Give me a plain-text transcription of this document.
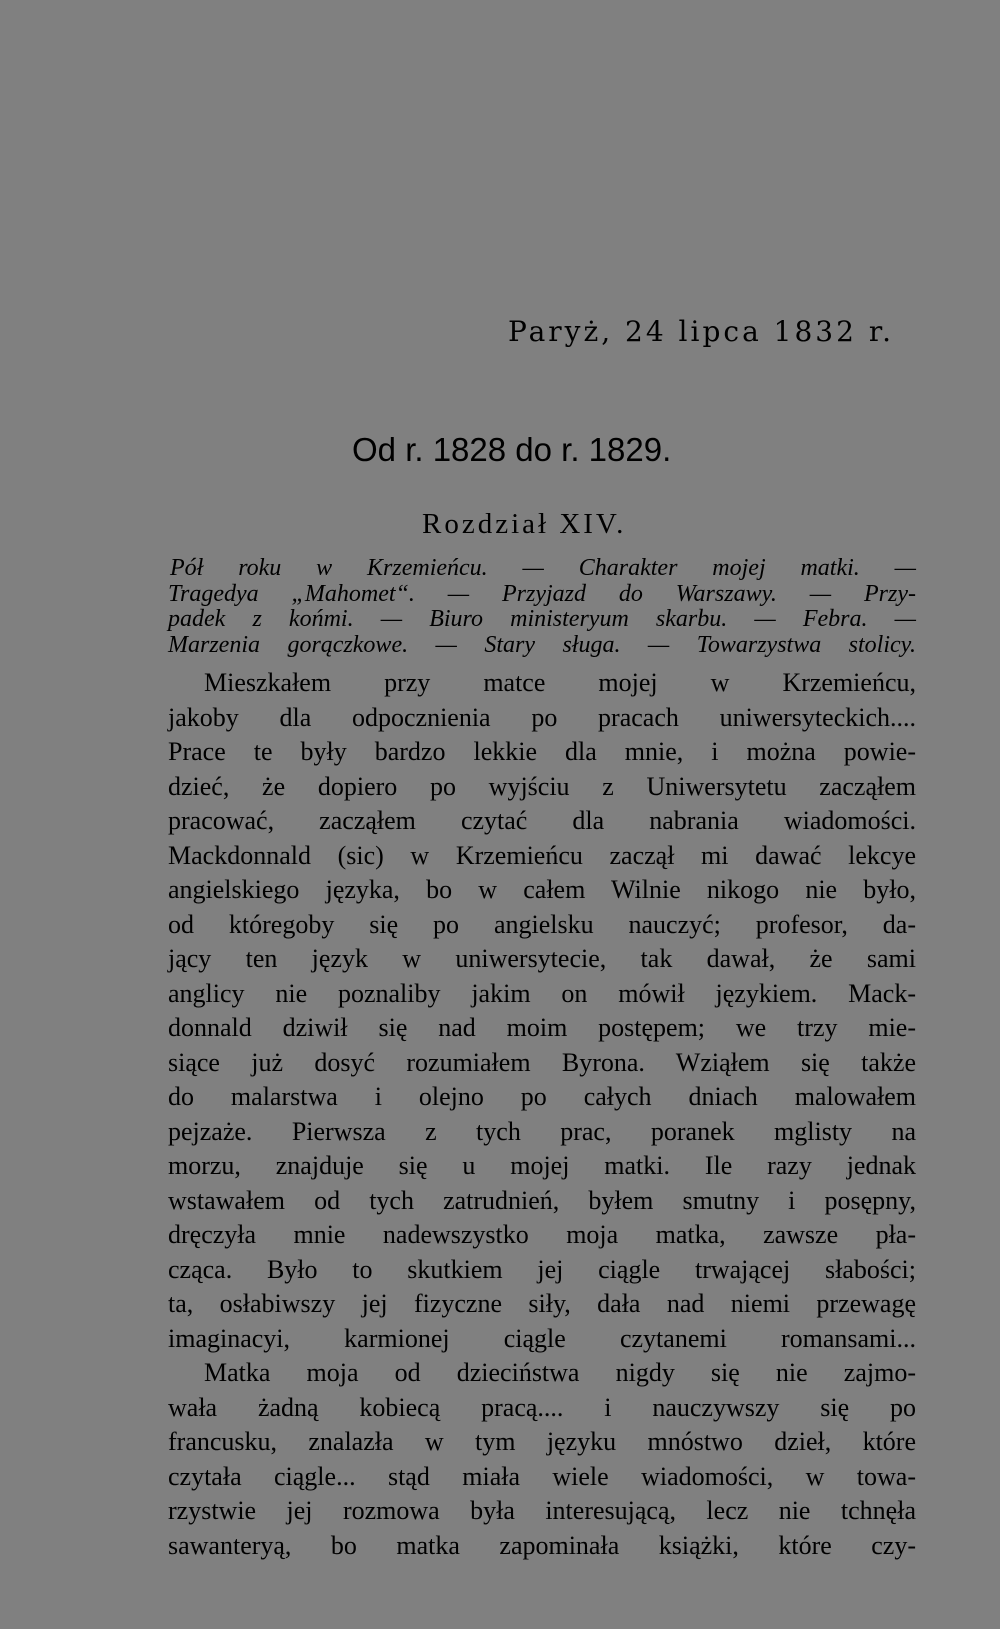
Paryż, 24 lipca 1832 r.
Od r. 1828 do r. 1829.
Rozdział XIV.
Pół roku w Krzemieńcu. — Charakter mojej matki. —
Tragedya „Mahomet“. — Przyjazd do Warszawy. — Przy-
padek z końmi. — Biuro ministeryum skarbu. — Febra. —
Marzenia gorączkowe. — Stary sługa. — Towarzystwa stolicy.
Mieszkałem przy matce mojej w Krzemieńcu,
jakoby dla odpocznienia po pracach uniwersyteckich....
Prace te były bardzo lekkie dla mnie, i można powie-
dzieć, że dopiero po wyjściu z Uniwersytetu zacząłem
pracować, zacząłem czytać dla nabrania wiadomości.
Mackdonnald (sic) w Krzemieńcu zaczął mi dawać lekcye
angielskiego języka, bo w całem Wilnie nikogo nie było,
od któregoby się po angielsku nauczyć; profesor, da-
jący ten język w uniwersytecie, tak dawał, że sami
anglicy nie poznaliby jakim on mówił językiem. Mack-
donnald dziwił się nad moim postępem; we trzy mie-
siące już dosyć rozumiałem Byrona. Wziąłem się także
do malarstwa i olejno po całych dniach malowałem
pejzaże. Pierwsza z tych prac, poranek mglisty na
morzu, znajduje się u mojej matki. Ile razy jednak
wstawałem od tych zatrudnień, byłem smutny i posępny,
dręczyła mnie nadewszystko moja matka, zawsze pła-
cząca. Było to skutkiem jej ciągle trwającej słabości;
ta, osłabiwszy jej fizyczne siły, dała nad niemi przewagę
imaginacyi, karmionej ciągle czytanemi romansami...
Matka moja od dzieciństwa nigdy się nie zajmo-
wała żadną kobiecą pracą.... i nauczywszy się po
francusku, znalazła w tym języku mnóstwo dzieł, które
czytała ciągle... stąd miała wiele wiadomości, w towa-
rzystwie jej rozmowa była interesującą, lecz nie tchnęła
sawanteryą, bo matka zapominała książki, które czy-
